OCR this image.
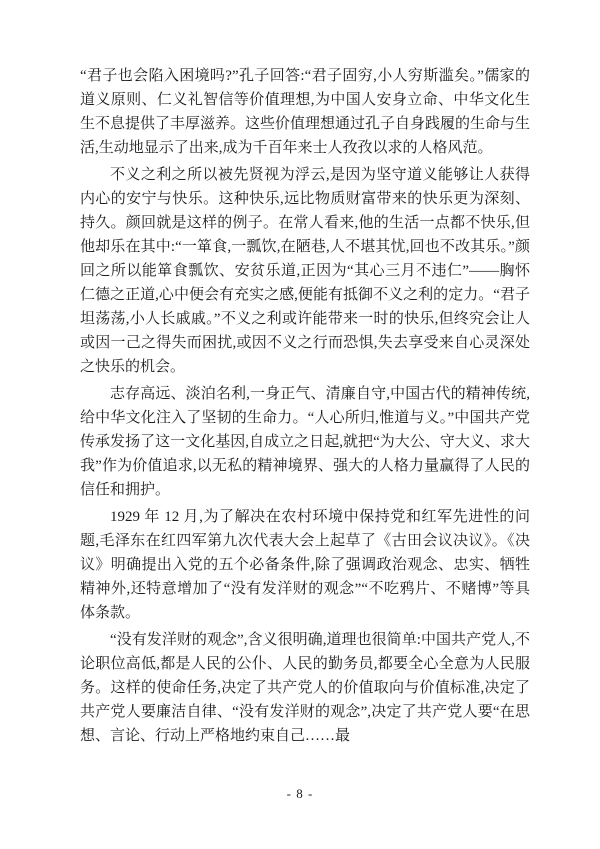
“君子也会陷入困境吗?”孔子回答:“君子固穷,小人穷斯滥矣。”儒家的道义原则、仁义礼智信等价值理想,为中国人安身立命、中华文化生生不息提供了丰厚滋养。这些价值理想通过孔子自身践履的生命与生活,生动地显示了出来,成为千百年来士人孜孜以求的人格风范。

不义之利之所以被先贤视为浮云,是因为坚守道义能够让人获得内心的安宁与快乐。这种快乐,远比物质财富带来的快乐更为深刻、持久。颜回就是这样的例子。在常人看来,他的生活一点都不快乐,但他却乐在其中:“一箪食,一瓢饮,在陋巷,人不堪其忧,回也不改其乐。”颜回之所以能箪食瓢饮、安贫乐道,正因为“其心三月不违仁”——胸怀仁德之正道,心中便会有充实之感,便能有抵御不义之利的定力。“君子坦荡荡,小人长戚戚。”不义之利或许能带来一时的快乐,但终究会让人或因一己之得失而困扰,或因不义之行而恐惧,失去享受来自心灵深处之快乐的机会。

志存高远、淡泊名利,一身正气、清廉自守,中国古代的精神传统,给中华文化注入了坚韧的生命力。“人心所归,惟道与义。”中国共产党传承发扬了这一文化基因,自成立之日起,就把“为大公、守大义、求大我”作为价值追求,以无私的精神境界、强大的人格力量赢得了人民的信任和拥护。

1929 年 12 月,为了解决在农村环境中保持党和红军先进性的问题,毛泽东在红四军第九次代表大会上起草了《古田会议决议》。《决议》明确提出入党的五个必备条件,除了强调政治观念、忠实、牺牲精神外,还特意增加了“没有发洋财的观念”“不吃鸦片、不赌博”等具体条款。

“没有发洋财的观念”,含义很明确,道理也很简单:中国共产党人,不论职位高低,都是人民的公仆、人民的勤务员,都要全心全意为人民服务。这样的使命任务,决定了共产党人的价值取向与价值标准,决定了共产党人要廉洁自律、“没有发洋财的观念”,决定了共产党人要“在思想、言论、行动上严格地约束自己……最

- 8 -
